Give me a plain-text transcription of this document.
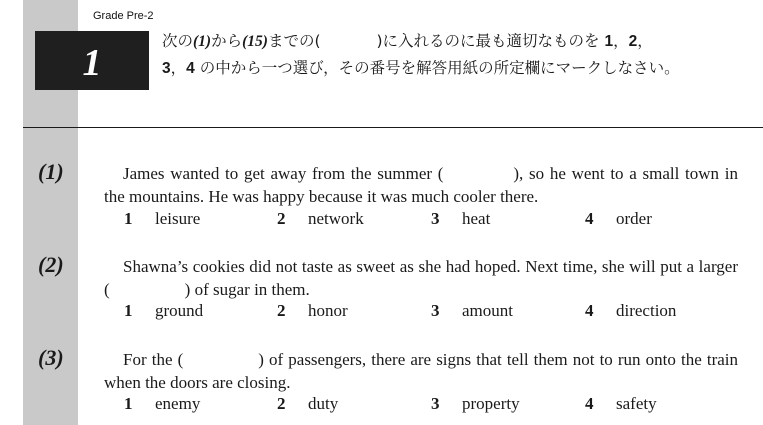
Grade Pre-2
1
次の(1)から(15)までの(	)に入れるのに最も適切なものを 1，2，
3，4 の中から一つ選び，その番号を解答用紙の所定欄にマークしなさい。
(1)	James wanted to get away from the summer (	), so he went to a small town in the mountains. He was happy because it was much cooler there.
1 leisure	2 network	3 heat	4 order
(2)	Shawna’s cookies did not taste as sweet as she had hoped. Next time, she will put a larger (	) of sugar in them.
1 ground	2 honor	3 amount	4 direction
(3)	For the (	) of passengers, there are signs that tell them not to run onto the train when the doors are closing.
1 enemy	2 duty	3 property	4 safety
